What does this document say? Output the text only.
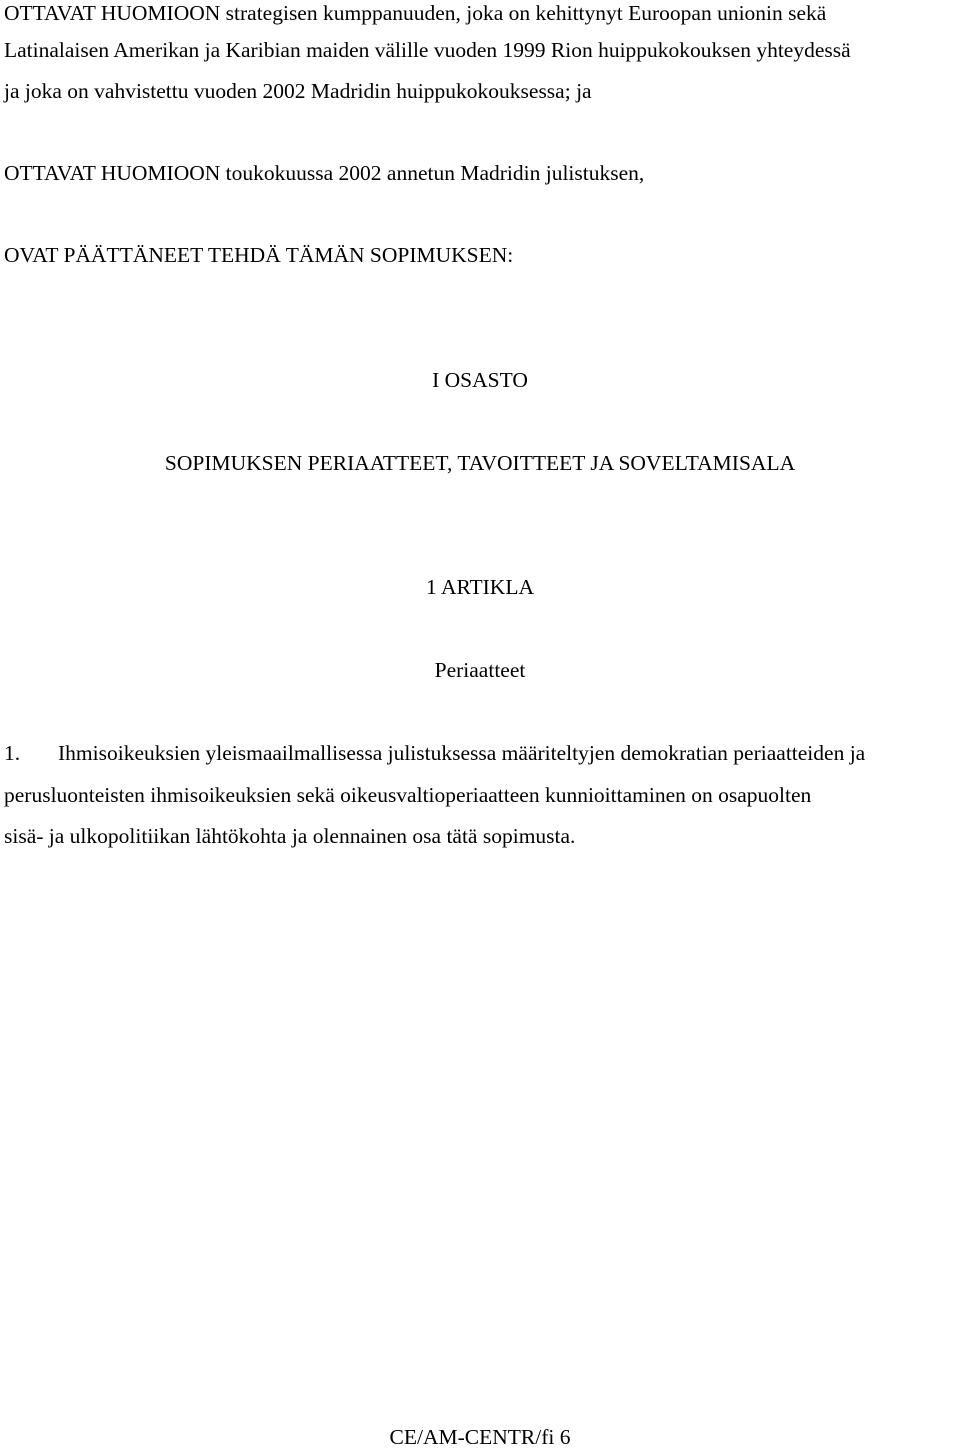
OTTAVAT HUOMIOON strategisen kumppanuuden, joka on kehittynyt Euroopan unionin sekä
Latinalaisen Amerikan ja Karibian maiden välille vuoden 1999 Rion huippukokouksen yhteydessä
ja joka on vahvistettu vuoden 2002 Madridin huippukokouksessa; ja
OTTAVAT HUOMIOON toukokuussa 2002 annetun Madridin julistuksen,
OVAT PÄÄTTÄNEET TEHDÄ TÄMÄN SOPIMUKSEN:
I OSASTO
SOPIMUKSEN PERIAATTEET, TAVOITTEET JA SOVELTAMISALA
1 ARTIKLA
Periaatteet
1. Ihmisoikeuksien yleismaailmallisessa julistuksessa määriteltyjen demokratian periaatteiden ja
perusluonteisten ihmisoikeuksien sekä oikeusvaltioperiaatteen kunnioittaminen on osapuolten
sisä- ja ulkopolitiikan lähtökohta ja olennainen osa tätä sopimusta.
CE/AM-CENTR/fi 6
